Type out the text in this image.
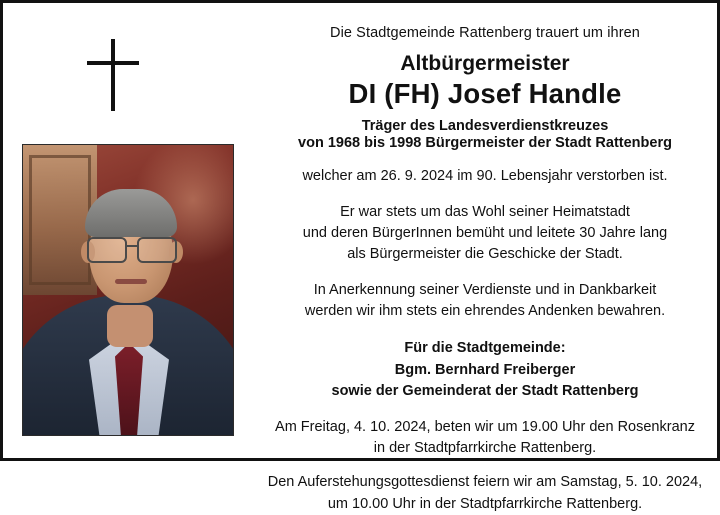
Die Stadtgemeinde Rattenberg trauert um ihren
Altbürgermeister
DI (FH) Josef Handle
Träger des Landesverdienstkreuzes
von 1968 bis 1998 Bürgermeister der Stadt Rattenberg
welcher am 26. 9. 2024 im 90. Lebensjahr verstorben ist.
Er war stets um das Wohl seiner Heimatstadt
und deren BürgerInnen bemüht und leitete 30 Jahre lang
als Bürgermeister die Geschicke der Stadt.
In Anerkennung seiner Verdienste und in Dankbarkeit
werden wir ihm stets ein ehrendes Andenken bewahren.
Für die Stadtgemeinde:
Bgm. Bernhard Freiberger
sowie der Gemeinderat der Stadt Rattenberg
Am Freitag, 4. 10. 2024, beten wir um 19.00 Uhr den Rosenkranz
in der Stadtpfarrkirche Rattenberg.
Den Auferstehungsgottesdienst feiern wir am Samstag, 5. 10. 2024,
um 10.00 Uhr in der Stadtpfarrkirche Rattenberg.
